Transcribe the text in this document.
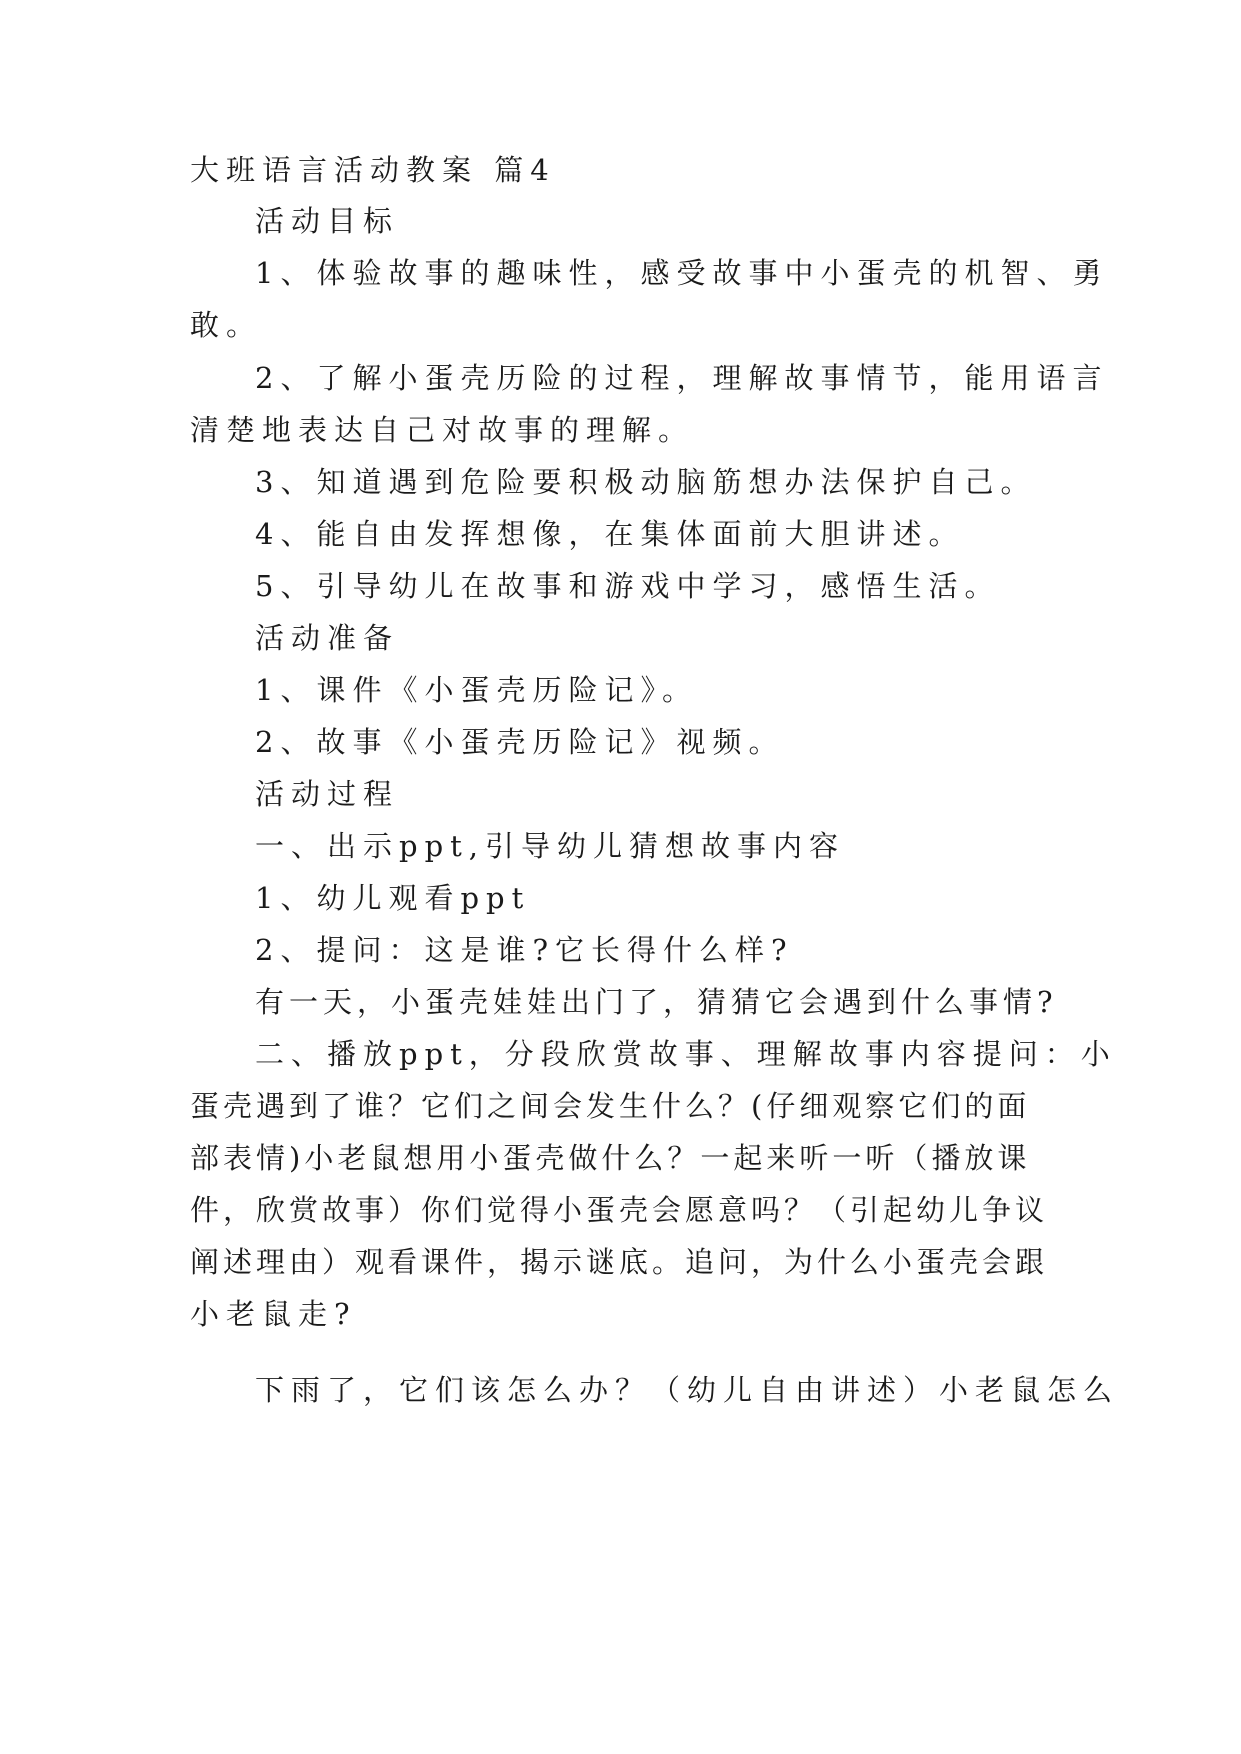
大班语言活动教案 篇4
活动目标
1、体验故事的趣味性，感受故事中小蛋壳的机智、勇
敢。
2、了解小蛋壳历险的过程，理解故事情节，能用语言
清楚地表达自己对故事的理解。
3、知道遇到危险要积极动脑筋想办法保护自己。
4、能自由发挥想像，在集体面前大胆讲述。
5、引导幼儿在故事和游戏中学习，感悟生活。
活动准备
1、课件《小蛋壳历险记》。
2、故事《小蛋壳历险记》视频。
活动过程
一、出示ppt,引导幼儿猜想故事内容
1、幼儿观看ppt
2、提问：这是谁?它长得什么样?
有一天，小蛋壳娃娃出门了，猜猜它会遇到什么事情?
二、播放ppt，分段欣赏故事、理解故事内容提问：小
蛋壳遇到了谁？它们之间会发生什么？(仔细观察它们的面
部表情)小老鼠想用小蛋壳做什么？一起来听一听（播放课
件，欣赏故事）你们觉得小蛋壳会愿意吗？（引起幼儿争议
阐述理由）观看课件，揭示谜底。追问，为什么小蛋壳会跟
小老鼠走?
下雨了，它们该怎么办？（幼儿自由讲述）小老鼠怎么
